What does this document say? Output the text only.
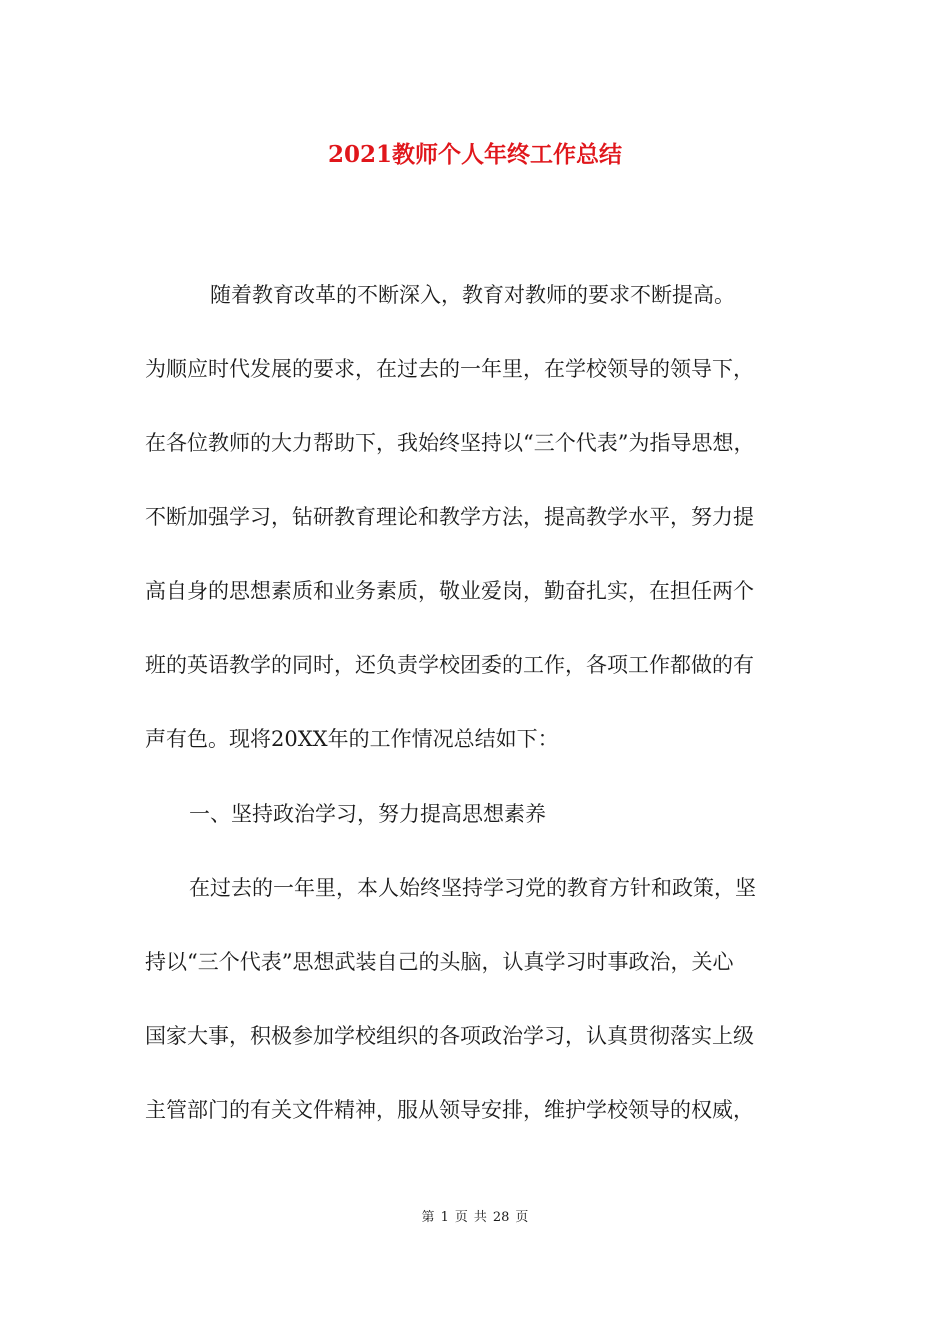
2021教师个人年终工作总结

随着教育改革的不断深入，教育对教师的要求不断提高。

为顺应时代发展的要求，在过去的一年里，在学校领导的领导下，

在各位教师的大力帮助下，我始终坚持以“三个代表”为指导思想，

不断加强学习，钻研教育理论和教学方法，提高教学水平，努力提

高自身的思想素质和业务素质，敬业爱岗，勤奋扎实，在担任两个

班的英语教学的同时，还负责学校团委的工作，各项工作都做的有

声有色。现将20XX年的工作情况总结如下：

一、坚持政治学习，努力提高思想素养

在过去的一年里，本人始终坚持学习党的教育方针和政策，坚

持以“三个代表”思想武装自己的头脑，认真学习时事政治，关心

国家大事，积极参加学校组织的各项政治学习，认真贯彻落实上级

主管部门的有关文件精神，服从领导安排，维护学校领导的权威，

第 1 页 共 28 页
